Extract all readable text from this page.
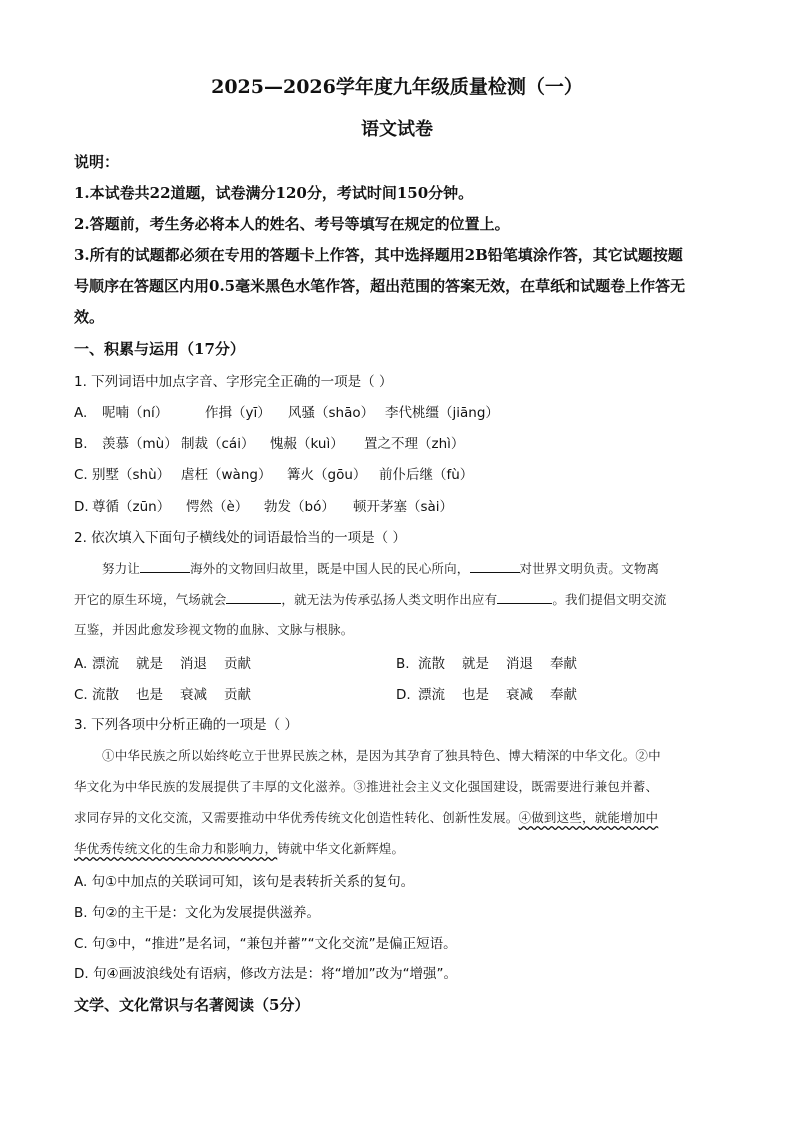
2025—2026学年度九年级质量检测（一）
语文试卷
说明：
1.本试卷共22道题，试卷满分120分，考试时间150分钟。
2.答题前，考生务必将本人的姓名、考号等填写在规定的位置上。
3.所有的试题都必须在专用的答题卡上作答，其中选择题用2B铅笔填涂作答，其它试题按题
号顺序在答题区内用0.5毫米黑色水笔作答，超出范围的答案无效，在草纸和试题卷上作答无
效。
一、积累与运用（17分）
1. 下列词语中加点字音、字形完全正确的一项是（ ）
A. 呢喃（ní）	作揖（yī） 风骚（shāo） 李代桃缰（jiāng）
B. 羡慕（mù） 制裁（cái） 愧赧（kuì） 置之不理（zhì）
C. 别墅（shù） 虐枉（wàng） 篝火（gōu） 前仆后继（fù）
D. 尊循（zūn） 愕然（è） 勃发（bó） 顿开茅塞（sài）
2. 依次填入下面句子横线处的词语最恰当的一项是（ ）
努力让	海外的文物回归故里，既是中国人民的民心所向，	对世界文明负责。文物离
开它的原生环境，气场就会	，就无法为传承弘扬人类文明作出应有	。我们提倡文明交流
互鉴，并因此愈发珍视文物的血脉、文脉与根脉。
A. 漂流 就是 消退 贡献	B. 流散 就是 消退 奉献
C. 流散 也是 衰减 贡献	D. 漂流 也是 衰减 奉献
3. 下列各项中分析正确的一项是（ ）
①中华民族之所以始终屹立于世界民族之林，是因为其孕育了独具特色、博大精深的中华文化。②中
华文化为中华民族的发展提供了丰厚的文化滋养。③推进社会主义文化强国建设，既需要进行兼包并蓄、
求同存异的文化交流，又需要推动中华优秀传统文化创造性转化、创新性发展。④做到这些，就能增加中
华优秀传统文化的生命力和影响力，铸就中华文化新辉煌。
A. 句①中加点的关联词可知，该句是表转折关系的复句。
B. 句②的主干是：文化为发展提供滋养。
C. 句③中，“推进”是名词，“兼包并蓄”“文化交流”是偏正短语。
D. 句④画波浪线处有语病，修改方法是：将“增加”改为“增强”。
文学、文化常识与名著阅读（5分）
